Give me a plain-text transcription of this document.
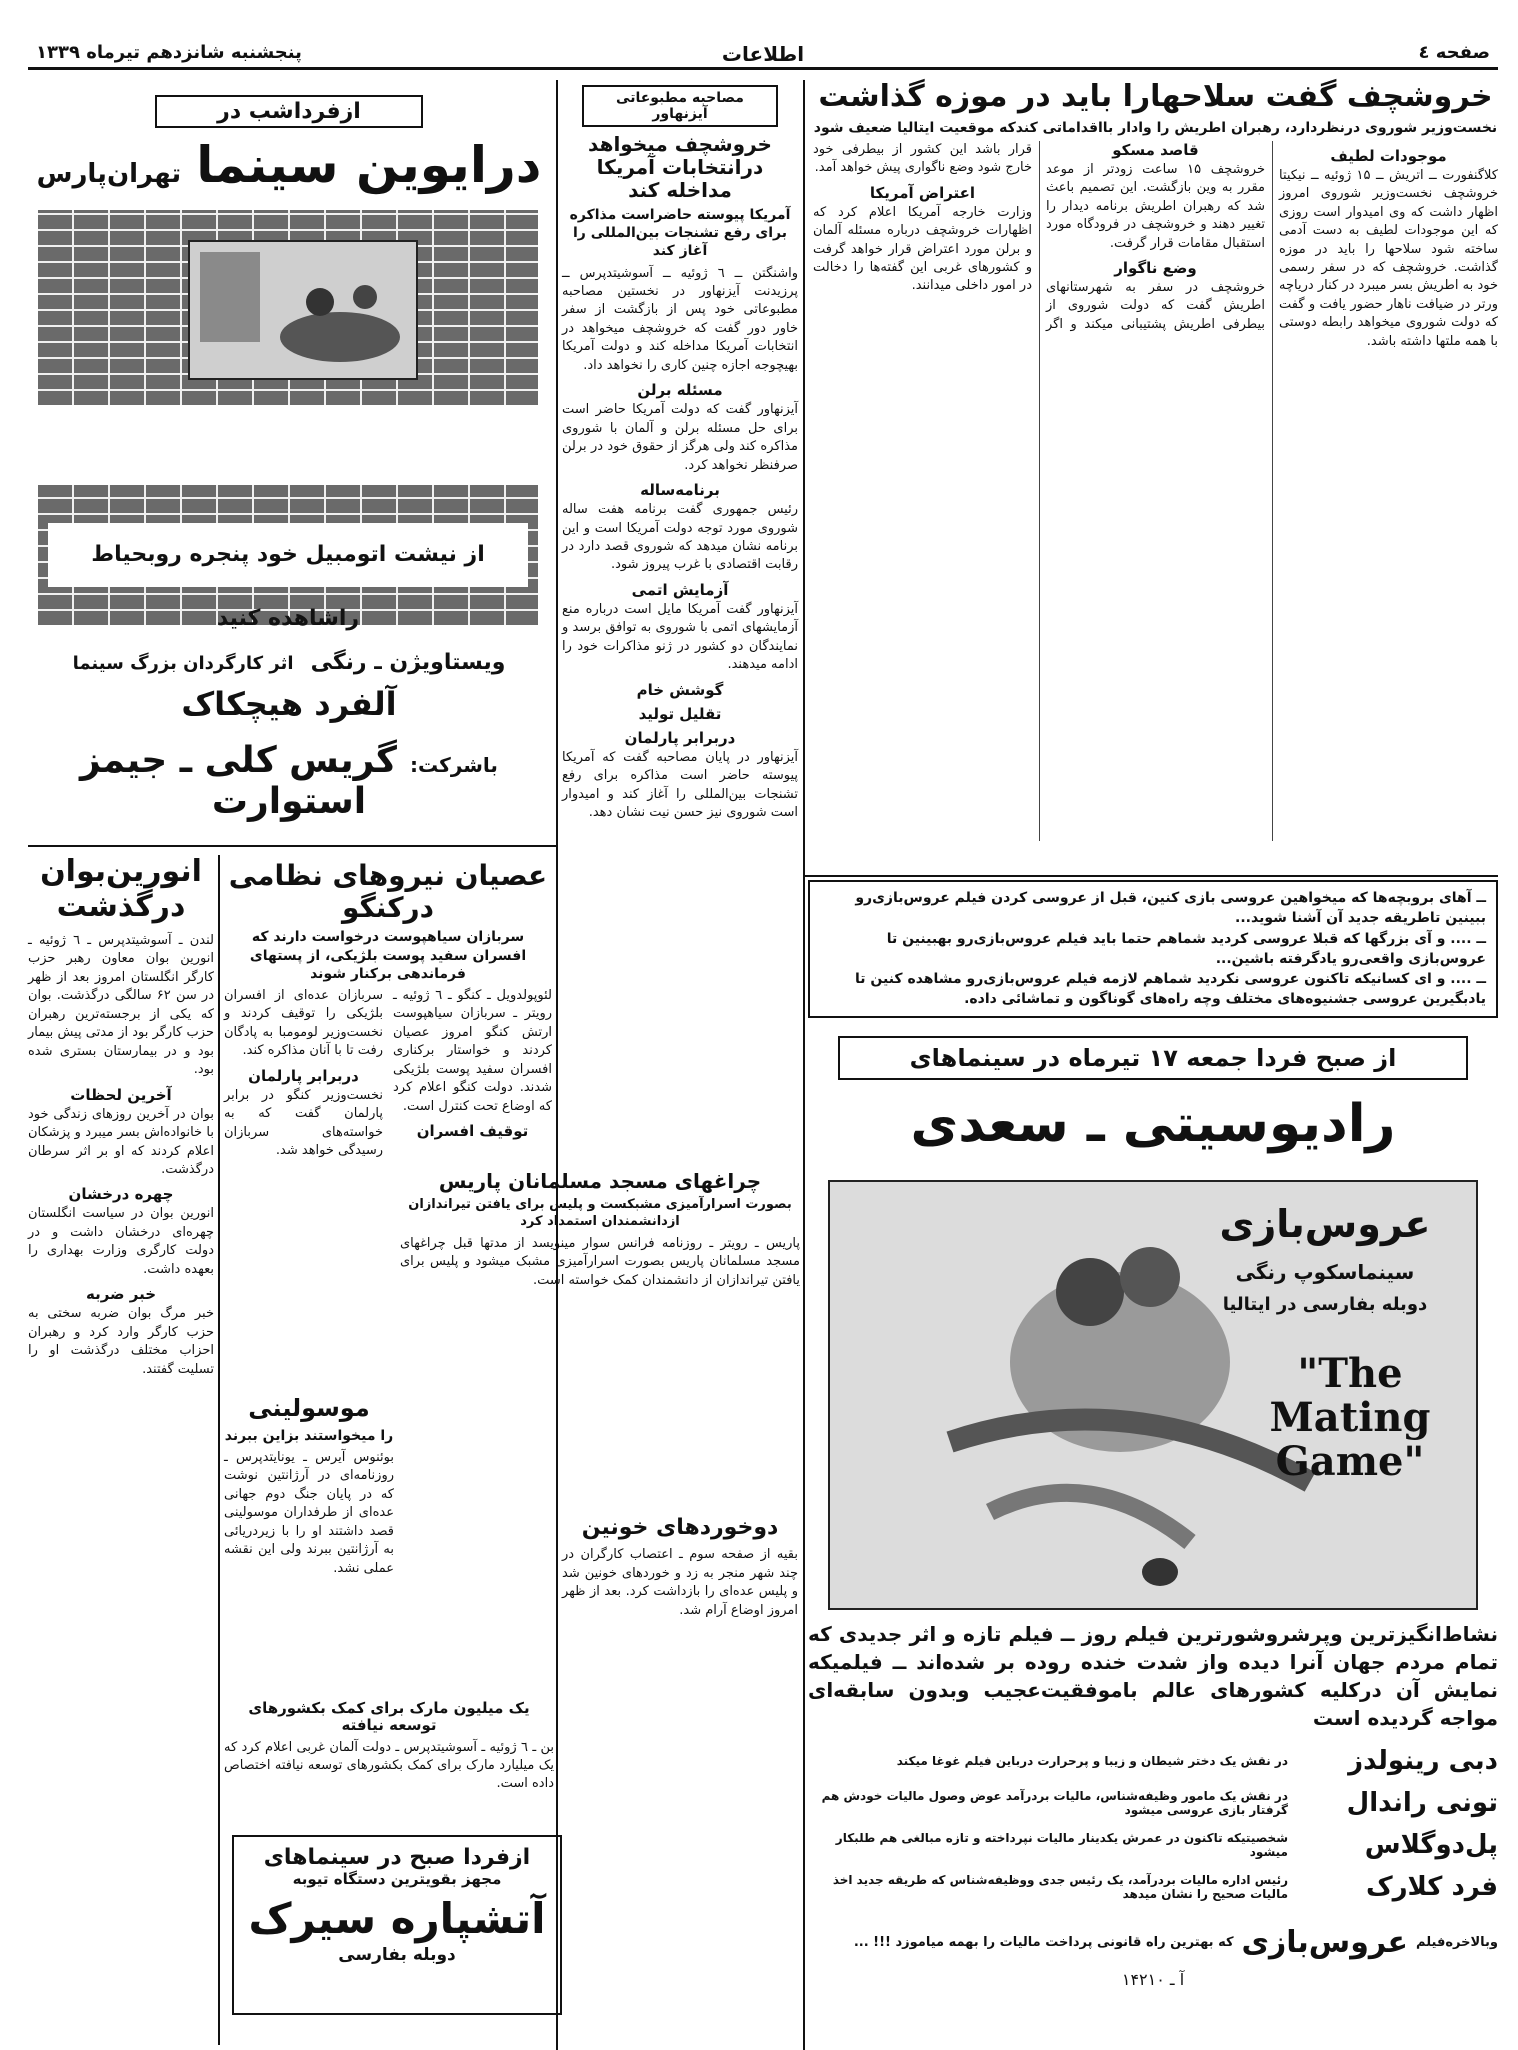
صفحه ٤
اطلاعات
پنجشنبه شانزدهم تیرماه ۱۳۳۹
خروشچف گفت سلاحهارا باید در موزه گذاشت
نخست‌وزیر شوروی درنظردارد، رهبران اطریش را وادار بااقداماتی کندکه موقعیت ایتالیا ضعیف شود
موجودات لطیف
کلاگنفورت ــ اتریش ــ ۱۵ ژوئیه ــ نیکیتا خروشچف نخست‌وزیر شوروی امروز اظهار داشت که وی امیدوار است روزی که این موجودات لطیف به دست آدمی ساخته شود سلاحها را باید در موزه گذاشت. خروشچف که در سفر رسمی خود به اطریش بسر میبرد در کنار دریاچه ورتر در ضیافت ناهار حضور یافت و گفت که دولت شوروی میخواهد رابطه دوستی با همه ملتها داشته باشد.
قاصد مسکو
خروشچف ۱۵ ساعت زودتر از موعد مقرر به وین بازگشت. این تصمیم باعث شد که رهبران اطریش برنامه دیدار را تغییر دهند و خروشچف در فرودگاه مورد استقبال مقامات قرار گرفت.
وضع ناگوار
خروشچف در سفر به شهرستانهای اطریش گفت که دولت شوروی از بیطرفی اطریش پشتیبانی میکند و اگر قرار باشد این کشور از بیطرفی خود خارج شود وضع ناگواری پیش خواهد آمد.
اعتراض آمریکا
وزارت خارجه آمریکا اعلام کرد که اظهارات خروشچف درباره مسئله آلمان و برلن مورد اعتراض قرار خواهد گرفت و کشورهای غربی این گفته‌ها را دخالت در امور داخلی میدانند.
مصاحبه مطبوعاتی آیزنهاور
خروشچف میخواهد درانتخابات آمریکا مداخله کند
آمریکا پیوسته حاضراست مذاکره برای رفع تشنجات بین‌المللی را آغاز کند
واشنگتن ــ ٦ ژوئیه ــ آسوشیتدپرس ــ پرزیدنت آیزنهاور در نخستین مصاحبه مطبوعاتی خود پس از بازگشت از سفر خاور دور گفت که خروشچف میخواهد در انتخابات آمریکا مداخله کند و دولت آمریکا بهیچوجه اجازه چنین کاری را نخواهد داد.
مسئله برلن
آیزنهاور گفت که دولت آمریکا حاضر است برای حل مسئله برلن و آلمان با شوروی مذاکره کند ولی هرگز از حقوق خود در برلن صرفنظر نخواهد کرد.
برنامه‌ساله
رئیس جمهوری گفت برنامه هفت ساله شوروی مورد توجه دولت آمریکا است و این برنامه نشان میدهد که شوروی قصد دارد در رقابت اقتصادی با غرب پیروز شود.
آزمایش اتمی
آیزنهاور گفت آمریکا مایل است درباره منع آزمایشهای اتمی با شوروی به توافق برسد و نمایندگان دو کشور در ژنو مذاکرات خود را ادامه میدهند.
گوشش خام
تقلیل تولید
دربرابر پارلمان
آیزنهاور در پایان مصاحبه گفت که آمریکا پیوسته حاضر است مذاکره برای رفع تشنجات بین‌المللی را آغاز کند و امیدوار است شوروی نیز حسن نیت نشان دهد.
ازفرداشب در
درایوین سینما تهران‌پارس
از نیشت اتومبیل خود پنجره روبحیاط راشاهده کنید
ویستاویژن ـ رنگی اثر کارگردان بزرگ سینما
آلفرد هیچکاک
باشرکت: گریس کلی ـ جیمز استوارت
انورین‌بوان درگذشت
لندن ـ آسوشیتدپرس ـ ٦ ژوئیه ـ انورین بوان معاون رهبر حزب کارگر انگلستان امروز بعد از ظهر در سن ۶۲ سالگی درگذشت. بوان که یکی از برجسته‌ترین رهبران حزب کارگر بود از مدتی پیش بیمار بود و در بیمارستان بستری شده بود.
آخرین لحظات
بوان در آخرین روزهای زندگی خود با خانواده‌اش بسر میبرد و پزشکان اعلام کردند که او بر اثر سرطان درگذشت.
چهره درخشان
انورین بوان در سیاست انگلستان چهره‌ای درخشان داشت و در دولت کارگری وزارت بهداری را بعهده داشت.
خبر ضربه
خبر مرگ بوان ضربه سختی به حزب کارگر وارد کرد و رهبران احزاب مختلف درگذشت او را تسلیت گفتند.
عصیان نیروهای نظامی درکنگو
سربازان سیاهپوست درخواست دارند که افسران سفید پوست بلژیکی، از پستهای فرماندهی برکنار شوند
لئوپولدویل ـ کنگو ـ ٦ ژوئیه ـ رویتر ـ سربازان سیاهپوست ارتش کنگو امروز عصیان کردند و خواستار برکناری افسران سفید پوست بلژیکی شدند. دولت کنگو اعلام کرد که اوضاع تحت کنترل است.
توقیف افسران
سربازان عده‌ای از افسران بلژیکی را توقیف کردند و نخست‌وزیر لومومبا به پادگان رفت تا با آنان مذاکره کند.
دربرابر پارلمان
نخست‌وزیر کنگو در برابر پارلمان گفت که به خواسته‌های سربازان رسیدگی خواهد شد.
چراغهای مسجد مسلمانان پاریس
بصورت اسرارآمیزی مشبکست و پلیس برای یافتن تیراندازان ازدانشمندان استمداد کرد
پاریس ـ رویتر ـ روزنامه فرانس سوار مینویسد از مدتها قبل چراغهای مسجد مسلمانان پاریس بصورت اسرارآمیزی مشبک میشود و پلیس برای یافتن تیراندازان از دانشمندان کمک خواسته است.
موسولینی
را میخواستند بزاین ببرند
بوئنوس آیرس ـ یونایتدپرس ـ روزنامه‌ای در آرژانتین نوشت که در پایان جنگ دوم جهانی عده‌ای از طرفداران موسولینی قصد داشتند او را با زیردریائی به آرژانتین ببرند ولی این نقشه عملی نشد.
دوخوردهای خونین
بقیه از صفحه سوم ـ اعتصاب کارگران در چند شهر منجر به زد و خوردهای خونین شد و پلیس عده‌ای را بازداشت کرد. بعد از ظهر امروز اوضاع آرام شد.
یک میلیون مارک برای کمک بکشورهای توسعه نیافته
بن ـ ٦ ژوئیه ـ آسوشیتدپرس ـ دولت آلمان غربی اعلام کرد که یک میلیارد مارک برای کمک بکشورهای توسعه نیافته اختصاص داده است.
ازفردا صبح در سینماهای
مجهز بقویترین دستگاه تیوبه
آتشپاره سیرک
دوبله بفارسی
ــ آهای بروبچه‌ها که میخواهین عروسی بازی کنین، قبل از عروسی کردن فیلم عروس‌بازی‌رو ببینین تاطریقه جدید آن آشنا شوید...
ــ .... و آی بزرگها که قبلا عروسی کردید شماهم حتما باید فیلم عروس‌بازی‌رو بهبینین تا عروس‌بازی واقعی‌رو یادگرفته باشین...
ــ .... و ای کسانیکه تاکنون عروسی نکردید شماهم لازمه فیلم عروس‌بازی‌رو مشاهده کنین تا یادبگیرین عروسی جشنیوه‌های مختلف وچه راه‌های گوناگون و تماشائی داده.
از صبح فردا جمعه ۱۷ تیرماه در سینماهای
رادیوسیتی ـ سعدی
عروس‌بازی
سینماسکوپ رنگی
دوبله بفارسی در ایتالیا
"The Mating Game"
نشاط‌انگیزترین وپرشروشورترین فیلم روز ــ فیلم تازه و اثر جدیدی که تمام مردم جهان آنرا دیده واز شدت خنده روده بر شده‌اند ــ فیلمیکه نمایش آن درکلیه کشورهای عالم باموفقیت‌عجیب وبدون سابقه‌ای مواجه گردیده است
دبی رینولدز
در نقش یک دختر شیطان و زیبا و پرحرارت درباین فیلم غوغا میکند
تونی راندال
در نقش یک مامور وظیفه‌شناس، مالیات بردرآمد عوض وصول مالیات خودش هم گرفتار بازی عروسی میشود
پل‌دوگلاس
شخصیتیکه تاکنون در عمرش یکدینار مالیات نپرداخته و تازه مبالغی هم طلبکار میشود
فرد کلارک
رئیس اداره مالیات بردرآمد، یک رئیس جدی ووظیفه‌شناس که طریقه جدید اخذ مالیات صحیح را نشان میدهد
وبالاخره‌فیلم
عروس‌بازی
که بهترین راه قانونی پرداخت مالیات را بهمه میاموزد !!! ...
آ ـ ۱۴۲۱۰
